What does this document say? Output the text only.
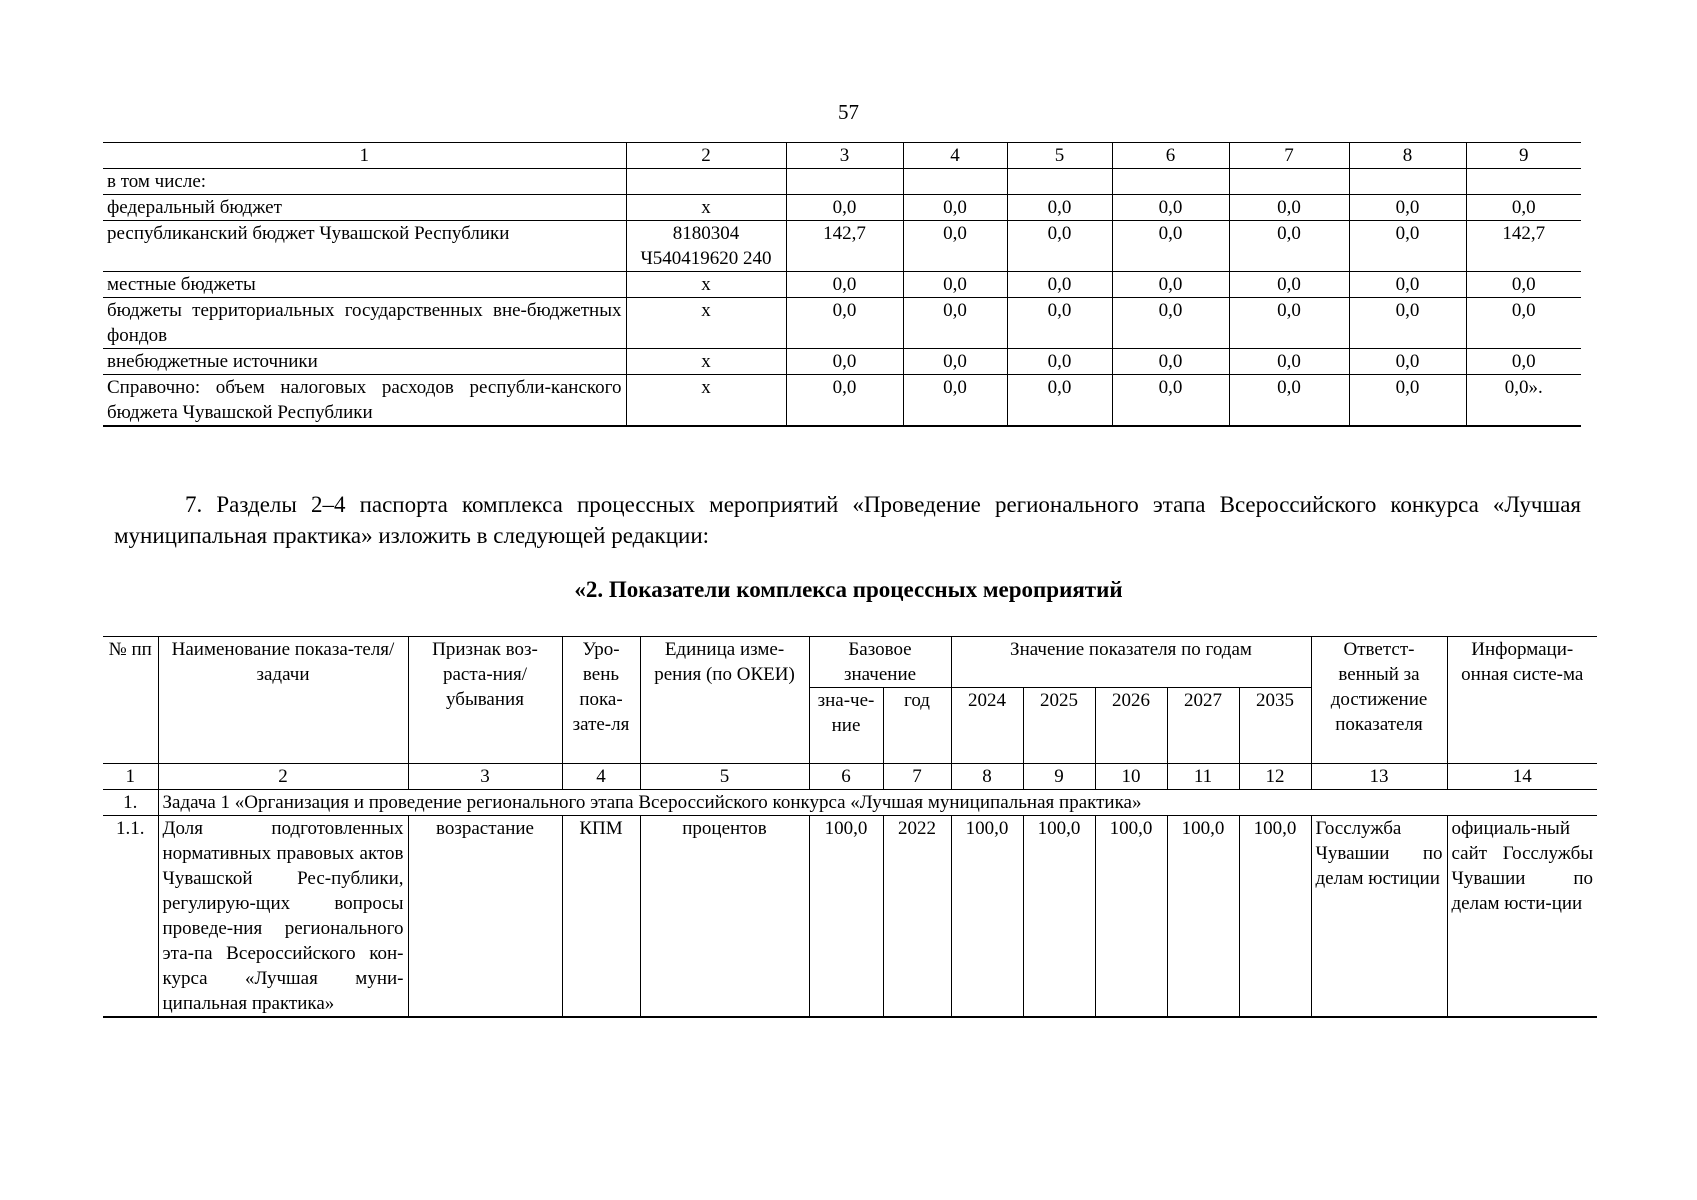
57
1	2	3	4	5	6	7	8	9
в том числе:								
федеральный бюджет	x	0,0	0,0	0,0	0,0	0,0	0,0	0,0
республиканский бюджет Чувашской Республики	8180304 Ч540419620 240	142,7	0,0	0,0	0,0	0,0	0,0	142,7
местные бюджеты	x	0,0	0,0	0,0	0,0	0,0	0,0	0,0
бюджеты территориальных государственных вне-бюджетных фондов	x	0,0	0,0	0,0	0,0	0,0	0,0	0,0
внебюджетные источники	x	0,0	0,0	0,0	0,0	0,0	0,0	0,0
Справочно: объем налоговых расходов республи-канского бюджета Чувашской Республики	x	0,0	0,0	0,0	0,0	0,0	0,0	0,0».
7. Разделы 2–4 паспорта комплекса процессных мероприятий «Проведение регионального этапа Всероссийского конкурса «Лучшая муниципальная практика» изложить в следующей редакции:
«2. Показатели комплекса процессных мероприятий
№ пп	Наименование показа-теля/задачи	Признак воз-раста-ния/убывания	Уро-вень пока-зате-ля	Единица изме-рения (по ОКЕИ)	Базовое значение		Значение показателя по годам					Ответст-венный за достижение показателя	Информаци-онная систе-ма
					зна-че-ние	год	2024	2025	2026	2027	2035		
1	2	3	4	5	6	7	8	9	10	11	12	13	14
1.	Задача 1 «Организация и проведение регионального этапа Всероссийского конкурса «Лучшая муниципальная практика»												
1.1.	Доля подготовленных нормативных правовых актов Чувашской Рес-публики, регулирую-щих вопросы проведе-ния регионального эта-па Всероссийского кон-курса «Лучшая муни-ципальная практика»	возрастание	КПМ	процентов	100,0	2022	100,0	100,0	100,0	100,0	100,0	Госслужба Чувашии по делам юстиции	официаль-ный сайт Госслужбы Чувашии по делам юсти-ции
